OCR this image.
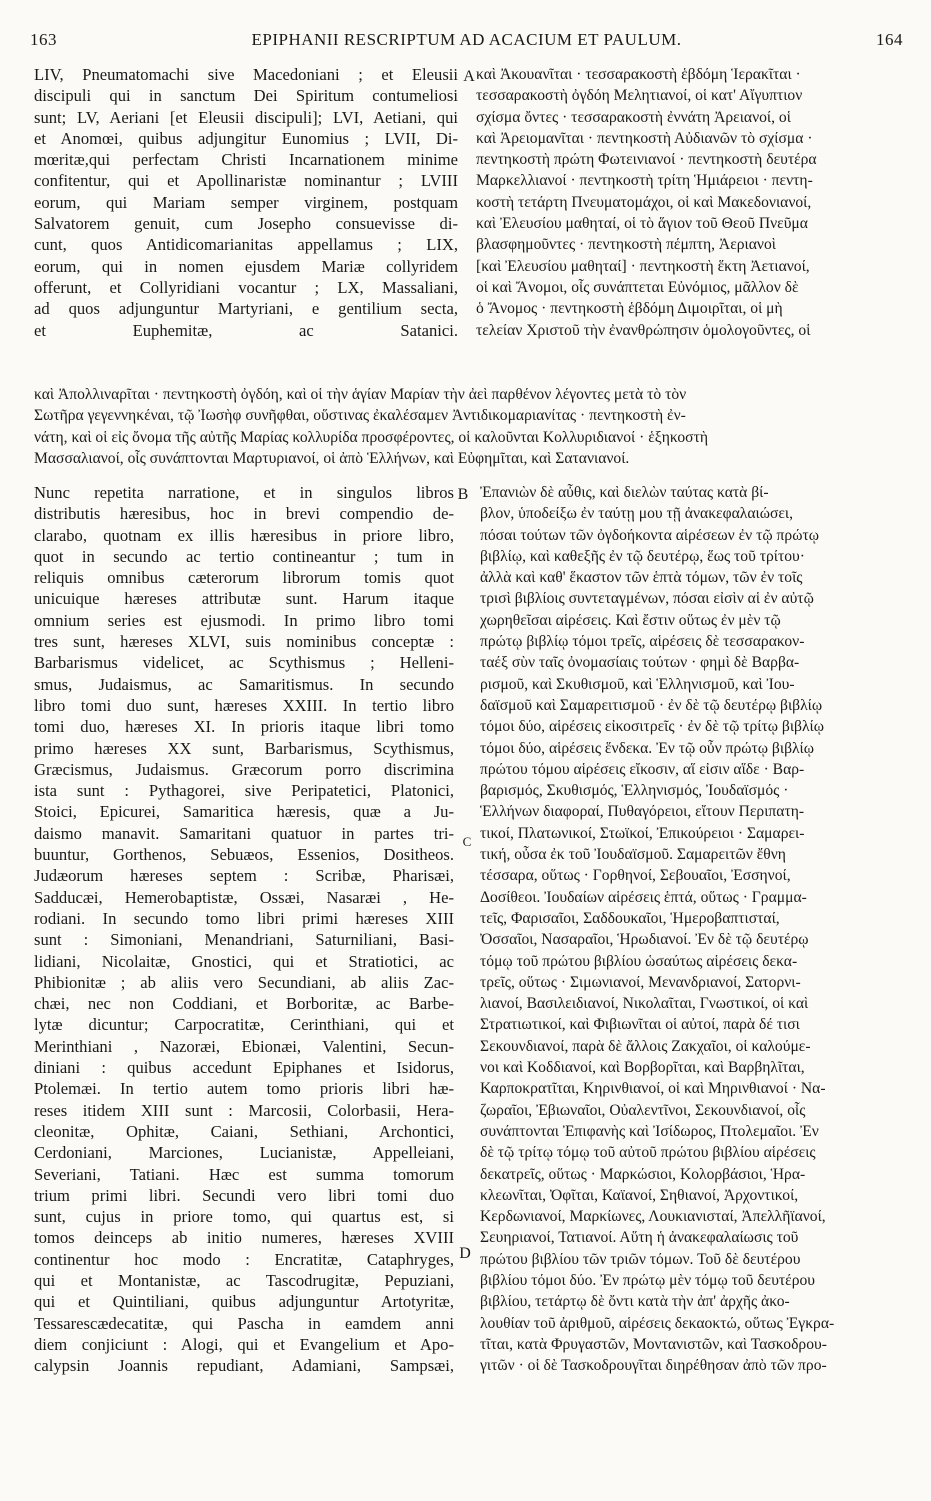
163	EPIPHANII RESCRIPTUM AD ACACIUM ET PAULUM.	164
A
B
C
D
LIV, Pneumatomachi sive Macedoniani ; et Eleusii
discipuli qui in sanctum Dei Spiritum contumeliosi
sunt; LV, Aeriani [et Eleusii discipuli]; LVI, Aetiani, qui
et Anomœi, quibus adjungitur Eunomius ; LVII, Di-
mœritæ,qui perfectam Christi Incarnationem minime
confitentur, qui et Apollinaristæ nominantur ; LVIII
eorum, qui Mariam semper virginem, postquam
Salvatorem genuit, cum Josepho consuevisse di-
cunt, quos Antidicomarianitas appellamus ; LIX,
eorum, qui in nomen ejusdem Mariæ collyridem
offerunt, et Collyridiani vocantur ; LX, Massaliani,
ad quos adjunguntur Martyriani, e gentilium secta,
et Euphemitæ, ac Satanici.
καὶ Ἀκουανῖται · τεσσαρακοστὴ ἑβδόμη Ἱερακῖται ·
τεσσαρακοστὴ ὀγδόη Μελητιανοί, οἱ κατ' Αἴγυπτιον
σχίσμα ὄντες · τεσσαρακοστὴ ἐννάτη Ἀρειανοί, οἱ
καὶ Ἀρειομανῖται · πεντηκοστὴ Αὐδιανῶν τὸ σχίσμα ·
πεντηκοστὴ πρώτη Φωτεινιανοί · πεντηκοστὴ δευτέρα
Μαρκελλιανοί · πεντηκοστὴ τρίτη Ἡμιάρειοι · πεντη-
κοστὴ τετάρτη Πνευματομάχοι, οἱ καὶ Μακεδονιανοί,
καὶ Ἐλευσίου μαθηταί, οἱ τὸ ἅγιον τοῦ Θεοῦ Πνεῦμα
βλασφημοῦντες · πεντηκοστὴ πέμπτη, Ἀεριανοὶ
[καὶ Ἐλευσίου μαθηταί] · πεντηκοστὴ ἕκτη Ἀετιανοί,
οἱ καὶ Ἄνομοι, οἷς συνάπτεται Εὐνόμιος, μᾶλλον δὲ
ὁ Ἄνομος · πεντηκοστὴ ἑβδόμη Διμοιρῖται, οἱ μὴ
τελείαν Χριστοῦ τὴν ἐνανθρώπησιν ὁμολογοῦντες, οἱ
καὶ Ἀπολλιναρῖται · πεντηκοστὴ ὀγδόη, καὶ οἱ τὴν ἁγίαν Μαρίαν τὴν ἀεὶ παρθένον λέγοντες μετὰ τὸ τὸν
Σωτῆρα γεγεννηκέναι, τῷ Ἰωσὴφ συνῆφθαι, οὕστινας ἐκαλέσαμεν Ἀντιδικομαριανίτας · πεντηκοστὴ ἐν-
νάτη, καὶ οἱ εἰς ὄνομα τῆς αὐτῆς Μαρίας κολλυρίδα προσφέροντες, οἱ καλοῦνται Κολλυριδιανοί · ἑξηκοστὴ
Μασσαλιανοί, οἷς συνάπτονται Μαρτυριανοί, οἱ ἀπὸ Ἑλλήνων, καὶ Εὐφημῖται, καὶ Σατανιανοί.
Nunc repetita narratione, et in singulos libros
distributis hæresibus, hoc in brevi compendio de-
clarabo, quotnam ex illis hæresibus in priore libro,
quot in secundo ac tertio contineantur ; tum in
reliquis omnibus cæterorum librorum tomis quot
unicuique hæreses attributæ sunt. Harum itaque
omnium series est ejusmodi. In primo libro tomi
tres sunt, hæreses XLVI, suis nominibus conceptæ :
Barbarismus videlicet, ac Scythismus ; Helleni-
smus, Judaismus, ac Samaritismus. In secundo
libro tomi duo sunt, hæreses XXIII. In tertio libro
tomi duo, hæreses XI. In prioris itaque libri tomo
primo hæreses XX sunt, Barbarismus, Scythismus,
Græcismus, Judaismus. Græcorum porro discrimina
ista sunt : Pythagorei, sive Peripatetici, Platonici,
Stoici, Epicurei, Samaritica hæresis, quæ a Ju-
daismo manavit. Samaritani quatuor in partes tri-
buuntur, Gorthenos, Sebuæos, Essenios, Dositheos.
Judæorum hæreses septem : Scribæ, Pharisæi,
Sadducæi, Hemerobaptistæ, Ossæi, Nasaræi , He-
rodiani. In secundo tomo libri primi hæreses XIII
sunt : Simoniani, Menandriani, Saturniliani, Basi-
lidiani, Nicolaitæ, Gnostici, qui et Stratiotici, ac
Phibionitæ ; ab aliis vero Secundiani, ab aliis Zac-
chæi, nec non Coddiani, et Borboritæ, ac Barbe-
lytæ dicuntur; Carpocratitæ, Cerinthiani, qui et
Merinthiani , Nazoræi, Ebionæi, Valentini, Secun-
diniani : quibus accedunt Epiphanes et Isidorus,
Ptolemæi. In tertio autem tomo prioris libri hæ-
reses itidem XIII sunt : Marcosii, Colorbasii, Hera-
cleonitæ, Ophitæ, Caiani, Sethiani, Archontici,
Cerdoniani, Marciones, Lucianistæ, Appelleiani,
Severiani, Tatiani. Hæc est summa tomorum
trium primi libri. Secundi vero libri tomi duo
sunt, cujus in priore tomo, qui quartus est, si
tomos deinceps ab initio numeres, hæreses XVIII
continentur hoc modo : Encratitæ, Cataphryges,
qui et Montanistæ, ac Tascodrugitæ, Pepuziani,
qui et Quintiliani, quibus adjunguntur Artotyritæ,
Tessarescædecatitæ, qui Pascha in eamdem anni
diem conjiciunt : Alogi, qui et Evangelium et Apo-
calypsin Joannis repudiant, Adamiani, Sampsæi,
Ἐπανιὼν δὲ αὖθις, καὶ διελὼν ταύτας κατὰ βί-
βλον, ὑποδείξω ἐν ταύτῃ μου τῇ ἀνακεφαλαιώσει,
πόσαι τούτων τῶν ὀγδοήκοντα αἱρέσεων ἐν τῷ πρώτῳ
βιβλίῳ, καὶ καθεξῆς ἐν τῷ δευτέρῳ, ἕως τοῦ τρίτου·
ἀλλὰ καὶ καθ' ἕκαστον τῶν ἑπτὰ τόμων, τῶν ἐν τοῖς
τρισὶ βιβλίοις συντεταγμένων, πόσαι εἰσὶν αἱ ἐν αὐτῷ
χωρηθεῖσαι αἱρέσεις. Καὶ ἔστιν οὕτως ἐν μὲν τῷ
πρώτῳ βιβλίῳ τόμοι τρεῖς, αἱρέσεις δὲ τεσσαρακον-
ταέξ σὺν ταῖς ὀνομασίαις τούτων · φημὶ δὲ Βαρβα-
ρισμοῦ, καὶ Σκυθισμοῦ, καὶ Ἑλληνισμοῦ, καὶ Ἰου-
δαϊσμοῦ καὶ Σαμαρειτισμοῦ · ἐν δὲ τῷ δευτέρῳ βιβλίῳ
τόμοι δύο, αἱρέσεις εἰκοσιτρεῖς · ἐν δὲ τῷ τρίτῳ βιβλίῳ
τόμοι δύο, αἱρέσεις ἕνδεκα. Ἐν τῷ οὖν πρώτῳ βιβλίῳ
πρώτου τόμου αἱρέσεις εἴκοσιν, αἵ εἰσιν αἵδε · Βαρ-
βαρισμός, Σκυθισμός, Ἑλληνισμός, Ἰουδαϊσμός ·
Ἑλλήνων διαφοραί, Πυθαγόρειοι, εἴτουν Περιπατη-
τικοί, Πλατωνικοί, Στωϊκοί, Ἐπικούρειοι · Σαμαρει-
τική, οὖσα ἐκ τοῦ Ἰουδαϊσμοῦ. Σαμαρειτῶν ἔθνη
τέσσαρα, οὕτως · Γορθηνοί, Σεβουαῖοι, Ἐσσηνοί,
Δοσίθεοι. Ἰουδαίων αἱρέσεις ἑπτά, οὕτως · Γραμμα-
τεῖς, Φαρισαῖοι, Σαδδουκαῖοι, Ἡμεροβαπτισταί,
Ὀσσαῖοι, Νασαραῖοι, Ἡρωδιανοί. Ἐν δὲ τῷ δευτέρῳ
τόμῳ τοῦ πρώτου βιβλίου ὡσαύτως αἱρέσεις δεκα-
τρεῖς, οὕτως · Σιμωνιανοί, Μενανδριανοί, Σατορνι-
λιανοί, Βασιλειδιανοί, Νικολαῖται, Γνωστικοί, οἱ καὶ
Στρατιωτικοί, καὶ Φιβιωνῖται οἱ αὐτοί, παρὰ δέ τισι
Σεκουνδιανοί, παρὰ δὲ ἄλλοις Ζακχαῖοι, οἱ καλούμε-
νοι καὶ Κοδδιανοί, καὶ Βορβορῖται, καὶ Βαρβηλῖται,
Καρποκρατῖται, Κηρινθιανοί, οἱ καὶ Μηρινθιανοί · Να-
ζωραῖοι, Ἐβιωναῖοι, Οὐαλεντῖνοι, Σεκουνδιανοί, οἷς
συνάπτονται Ἐπιφανὴς καὶ Ἰσίδωρος, Πτολεμαῖοι. Ἐν
δὲ τῷ τρίτῳ τόμῳ τοῦ αὐτοῦ πρώτου βιβλίου αἱρέσεις
δεκατρεῖς, οὕτως · Μαρκώσιοι, Κολορβάσιοι, Ἡρα-
κλεωνῖται, Ὀφῖται, Καϊανοί, Σηθιανοί, Ἀρχοντικοί,
Κερδωνιανοί, Μαρκίωνες, Λουκιανισταί, Ἀπελλῆϊανοί,
Σευηριανοί, Τατιανοί. Αὕτη ἡ ἀνακεφαλαίωσις τοῦ
πρώτου βιβλίου τῶν τριῶν τόμων. Τοῦ δὲ δευτέρου
βιβλίου τόμοι δύο. Ἐν πρώτῳ μὲν τόμῳ τοῦ δευτέρου
βιβλίου, τετάρτῳ δὲ ὄντι κατὰ τὴν ἀπ' ἀρχῆς ἀκο-
λουθίαν τοῦ ἀριθμοῦ, αἱρέσεις δεκαοκτώ, οὕτως Ἐγκρα-
τῖται, κατὰ Φρυγαστῶν, Μοντανιστῶν, καὶ Τασκοδρου-
γιτῶν · οἱ δὲ Τασκοδρουγῖται διηρέθησαν ἀπὸ τῶν προ-
